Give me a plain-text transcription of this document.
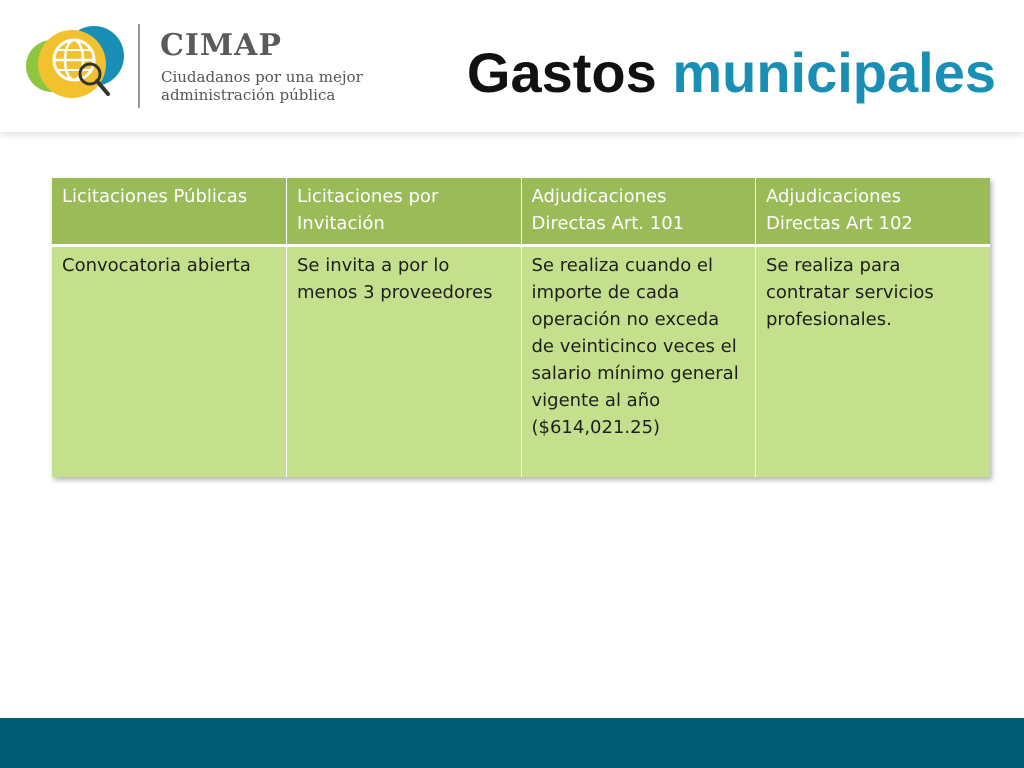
CIMAP
Ciudadanos por una mejor
administración pública	Gastos municipales
Licitaciones Públicas	Licitaciones por Invitación	Adjudicaciones Directas Art. 101	Adjudicaciones Directas Art 102
Convocatoria abierta	Se invita a por lo menos 3 proveedores	Se realiza cuando el importe de cada operación no exceda de veinticinco veces el salario mínimo general vigente al año ($614,021.25)	Se realiza para contratar servicios profesionales.
